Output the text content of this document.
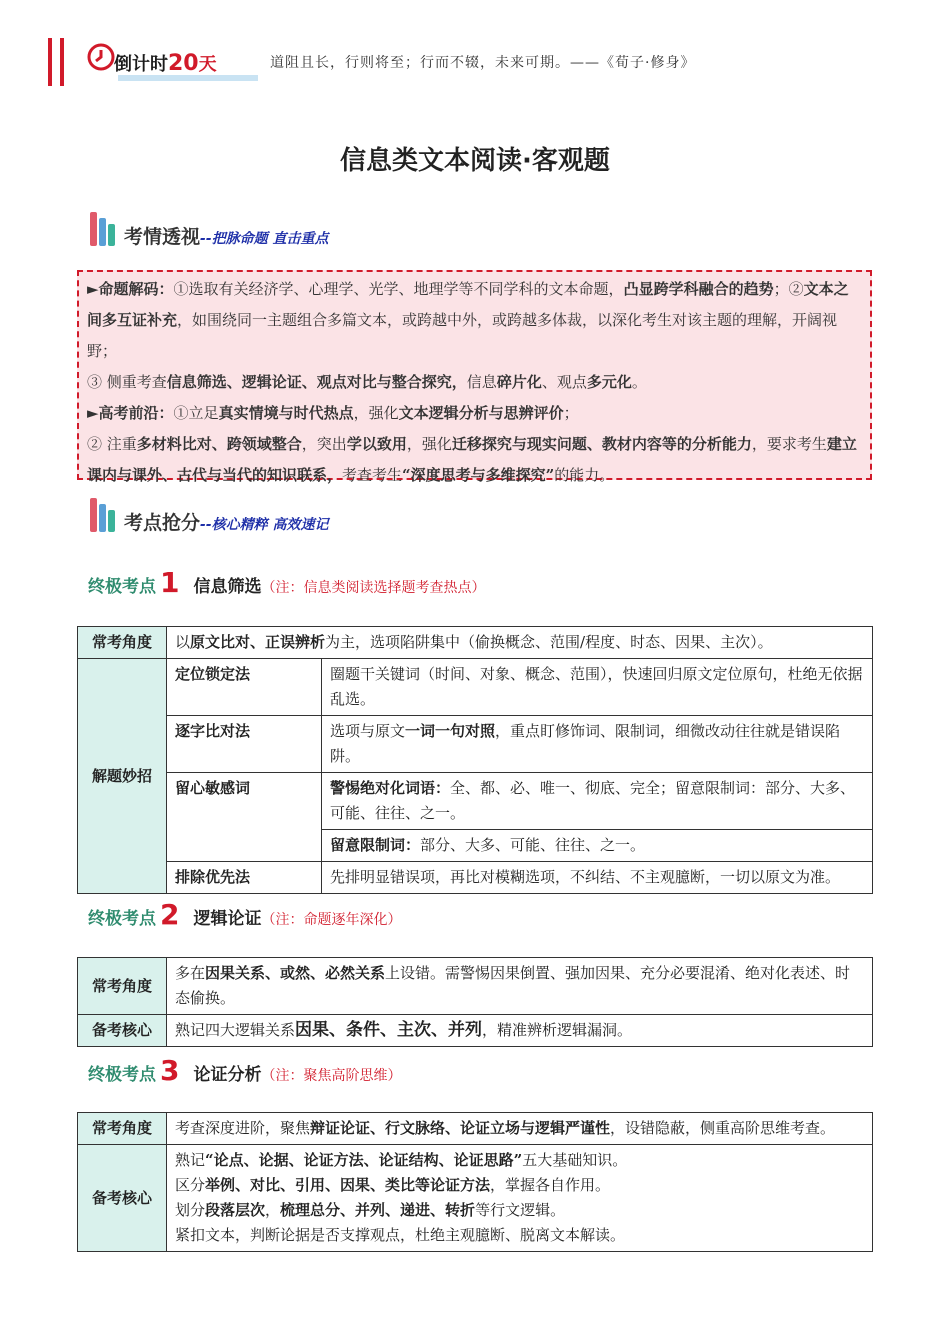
倒计时20天	道阻且长，行则将至；行而不辍，未来可期。——《荀子·修身》
信息类文本阅读·客观题
考情透视--把脉命题 直击重点

►命题解码：①选取有关经济学、心理学、光学、地理学等不同学科的文本命题，凸显跨学科融合的趋势；②文本之间多互证补充，如围绕同一主题组合多篇文本，或跨越中外，或跨越多体裁，以深化考生对该主题的理解，开阔视野；

③ 侧重考查信息筛选、逻辑论证、观点对比与整合探究，信息碎片化、观点多元化。

►高考前沿：①立足真实情境与时代热点，强化文本逻辑分析与思辨评价；

② 注重多材料比对、跨领域整合，突出学以致用，强化迁移探究与现实问题、教材内容等的分析能力，要求考生建立课内与课外、古代与当代的知识联系，考查考生“深度思考与多维探究”的能力。

考点抢分--核心精粹 高效速记
终极考点 1 信息筛选（注：信息类阅读选择题考查热点）
常考角度	以原文比对、正误辨析为主，选项陷阱集中（偷换概念、范围/程度、时态、因果、主次）。	
解题妙招	定位锁定法	圈题干关键词（时间、对象、概念、范围），快速回归原文定位原句，杜绝无依据乱选。
	逐字比对法	选项与原文一词一句对照，重点盯修饰词、限制词，细微改动往往就是错误陷阱。
	留心敏感词	警惕绝对化词语：全、都、必、唯一、彻底、完全；留意限制词：部分、大多、可能、往往、之一。
		留意限制词：部分、大多、可能、往往、之一。
	排除优先法	先排明显错误项，再比对模糊选项，不纠结、不主观臆断，一切以原文为准。
终极考点 2 逻辑论证（注：命题逐年深化）
常考角度	多在因果关系、或然、必然关系上设错。需警惕因果倒置、强加因果、充分必要混淆、绝对化表述、时态偷换。
备考核心	熟记四大逻辑关系因果、条件、主次、并列，精准辨析逻辑漏洞。
终极考点 3 论证分析（注：聚焦高阶思维）
常考角度	考查深度进阶，聚焦辩证论证、行文脉络、论证立场与逻辑严谨性，设错隐蔽，侧重高阶思维考查。
备考核心	熟记“论点、论据、论证方法、论证结构、论证思路”五大基础知识。
区分举例、对比、引用、因果、类比等论证方法，掌握各自作用。
划分段落层次，梳理总分、并列、递进、转折等行文逻辑。
紧扣文本，判断论据是否支撑观点，杜绝主观臆断、脱离文本解读。
